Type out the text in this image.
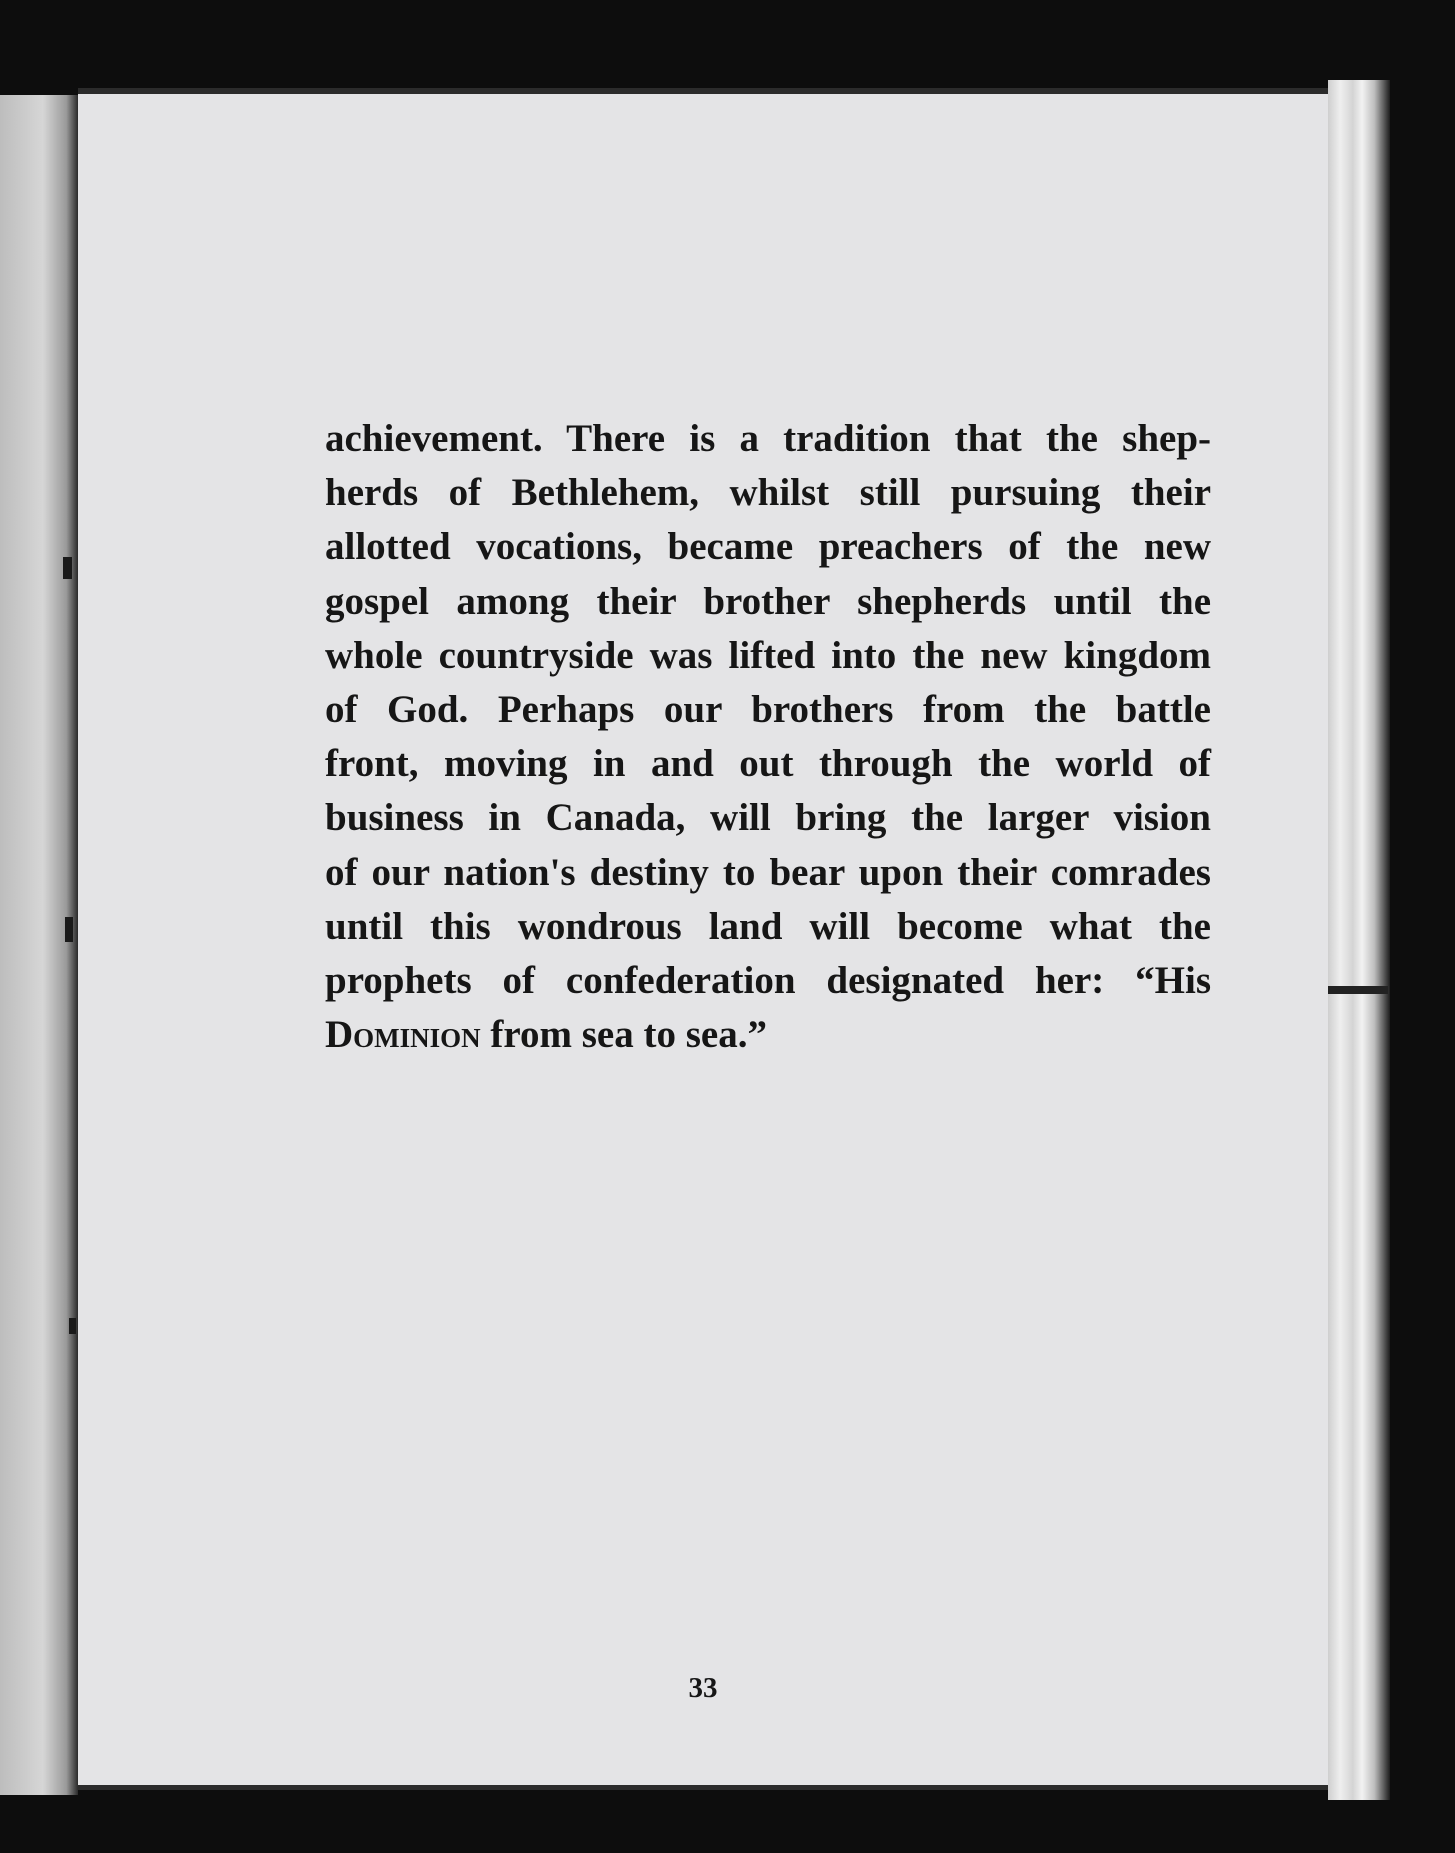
achievement. There is a tradition that the shep-
herds of Bethlehem, whilst still pursuing their
allotted vocations, became preachers of the new
gospel among their brother shepherds until the
whole countryside was lifted into the new kingdom
of God. Perhaps our brothers from the battle
front, moving in and out through the world of
business in Canada, will bring the larger vision
of our nation's destiny to bear upon their comrades
until this wondrous land will become what the
prophets of confederation designated her: “His
Dominion from sea to sea.”

33
